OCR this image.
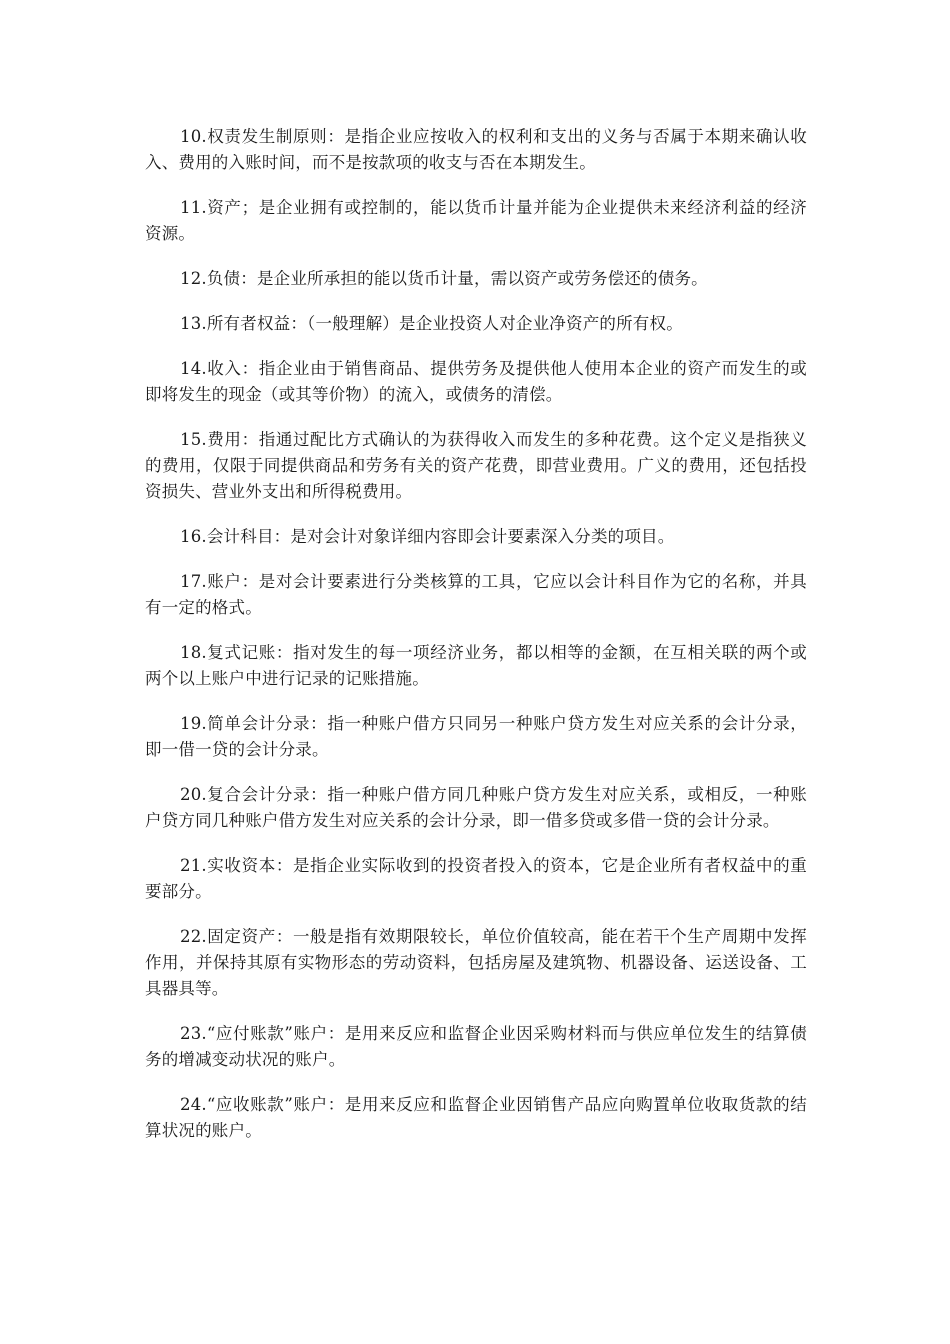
10.权责发生制原则：是指企业应按收入的权利和支出的义务与否属于本期来确认收入、费用的入账时间，而不是按款项的收支与否在本期发生。

11.资产；是企业拥有或控制的，能以货币计量并能为企业提供未来经济利益的经济资源。

12.负债：是企业所承担的能以货币计量，需以资产或劳务偿还的债务。

13.所有者权益：（一般理解）是企业投资人对企业净资产的所有权。

14.收入：指企业由于销售商品、提供劳务及提供他人使用本企业的资产而发生的或即将发生的现金（或其等价物）的流入，或债务的清偿。

15.费用：指通过配比方式确认的为获得收入而发生的多种花费。这个定义是指狭义的费用，仅限于同提供商品和劳务有关的资产花费，即营业费用。广义的费用，还包括投资损失、营业外支出和所得税费用。

16.会计科目：是对会计对象详细内容即会计要素深入分类的项目。

17.账户：是对会计要素进行分类核算的工具，它应以会计科目作为它的名称，并具有一定的格式。

18.复式记账：指对发生的每一项经济业务，都以相等的金额，在互相关联的两个或两个以上账户中进行记录的记账措施。

19.简单会计分录：指一种账户借方只同另一种账户贷方发生对应关系的会计分录，即一借一贷的会计分录。

20.复合会计分录：指一种账户借方同几种账户贷方发生对应关系，或相反，一种账户贷方同几种账户借方发生对应关系的会计分录，即一借多贷或多借一贷的会计分录。

21.实收资本：是指企业实际收到的投资者投入的资本，它是企业所有者权益中的重要部分。

22.固定资产：一般是指有效期限较长，单位价值较高，能在若干个生产周期中发挥作用，并保持其原有实物形态的劳动资料，包括房屋及建筑物、机器设备、运送设备、工具器具等。

23.“应付账款”账户：是用来反应和监督企业因采购材料而与供应单位发生的结算债务的增减变动状况的账户。

24.“应收账款”账户：是用来反应和监督企业因销售产品应向购置单位收取货款的结算状况的账户。
